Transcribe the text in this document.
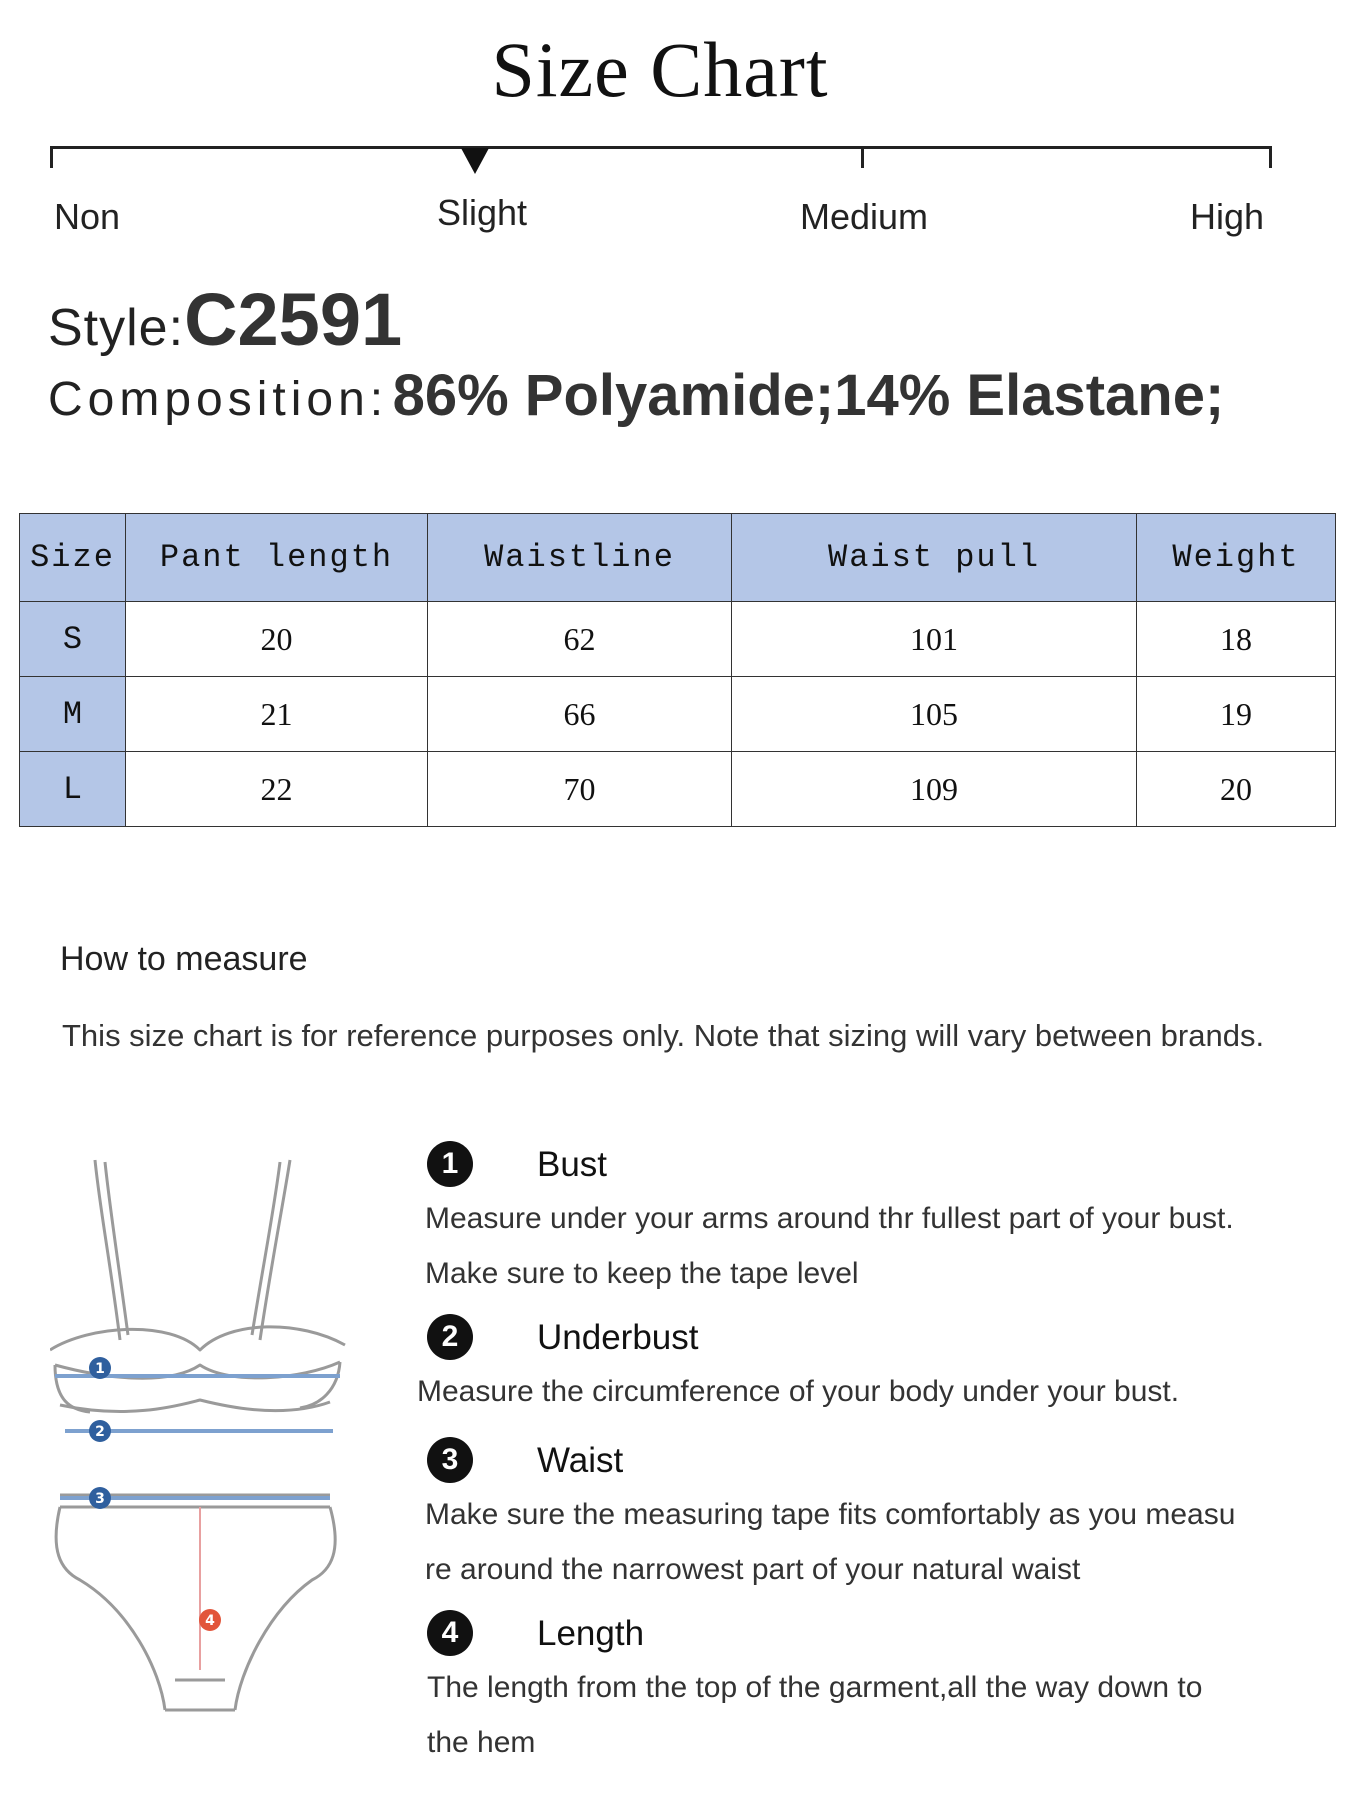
Size Chart
Non	Slight	Medium	High
Style:C2591
Composition: 86% Polyamide;14% Elastane;
Size	Pant length	Waistline	Waist pull	Weight
S	20	62	101	18
M	21	66	105	19
L	22	70	109	20
How to measure
This size chart is for reference purposes only. Note that sizing will vary between brands.
1
2
3
4
1	Bust
Measure under your arms around thr fullest part of your bust.
Make sure to keep the tape level
2	Underbust
Measure the circumference of your body under your bust.
3	Waist
Make sure the measuring tape fits comfortably as you measu
re around the narrowest part of your natural waist
4	Length
The length from the top of the garment,all the way down to
the hem
